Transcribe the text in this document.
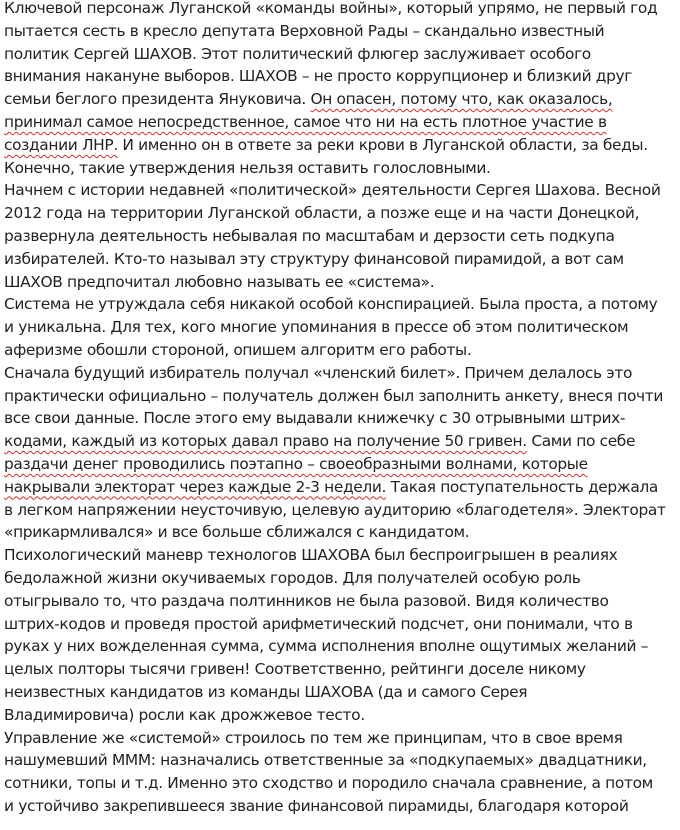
Ключевой персонаж Луганской «команды войны», который упрямо, не первый год
пытается сесть в кресло депутата Верховной Рады – скандально известный
политик Сергей ШАХОВ. Этот политический флюгер заслуживает особого
внимания накануне выборов. ШАХОВ – не просто коррупционер и близкий друг
семьи беглого президента Януковича. Он опасен, потому что, как оказалось,
принимал самое непосредственное, самое что ни на есть плотное участие в
создании ЛНР. И именно он в ответе за реки крови в Луганской области, за беды.
Конечно, такие утверждения нельзя оставить голословными.
Начнем с истории недавней «политической» деятельности Сергея Шахова. Весной
2012 года на территории Луганской области, а позже еще и на части Донецкой,
развернула деятельность небывалая по масштабам и дерзости сеть подкупа
избирателей. Кто-то называл эту структуру финансовой пирамидой, а вот сам
ШАХОВ предпочитал любовно называть ее «система».
Система не утруждала себя никакой особой конспирацией. Была проста, а потому
и уникальна. Для тех, кого многие упоминания в прессе об этом политическом
аферизме обошли стороной, опишем алгоритм его работы.
Сначала будущий избиратель получал «членский билет». Причем делалось это
практически официально – получатель должен был заполнить анкету, внеся почти
все свои данные. После этого ему выдавали книжечку с 30 отрывными штрих-
кодами, каждый из которых давал право на получение 50 гривен. Сами по себе
раздачи денег проводились поэтапно – своеобразными волнами, которые
накрывали электорат через каждые 2-3 недели. Такая поступательность держала
в легком напряжении неусточивую, целевую аудиторию «благодетеля». Электорат
«прикармливался» и все больше сближался с кандидатом.
Психологический маневр технологов ШАХОВА был беспроигрышен в реалиях
бедолажной жизни окучиваемых городов. Для получателей особую роль
отыгрывало то, что раздача полтинников не была разовой. Видя количество
штрих-кодов и проведя простой арифметический подсчет, они понимали, что в
руках у них вожделенная сумма, сумма исполнения вполне ощутимых желаний –
целых полторы тысячи гривен! Соответственно, рейтинги доселе никому
неизвестных кандидатов из команды ШАХОВА (да и самого Серея
Владимировича) росли как дрожжевое тесто.
Управление же «системой» строилось по тем же принципам, что в свое время
нашумевший МММ: назначались ответственные за «подкупаемых» двадцатники,
сотники, топы и т.д. Именно это сходство и породило сначала сравнение, а потом
и устойчиво закрепившееся звание финансовой пирамиды, благодаря которой
